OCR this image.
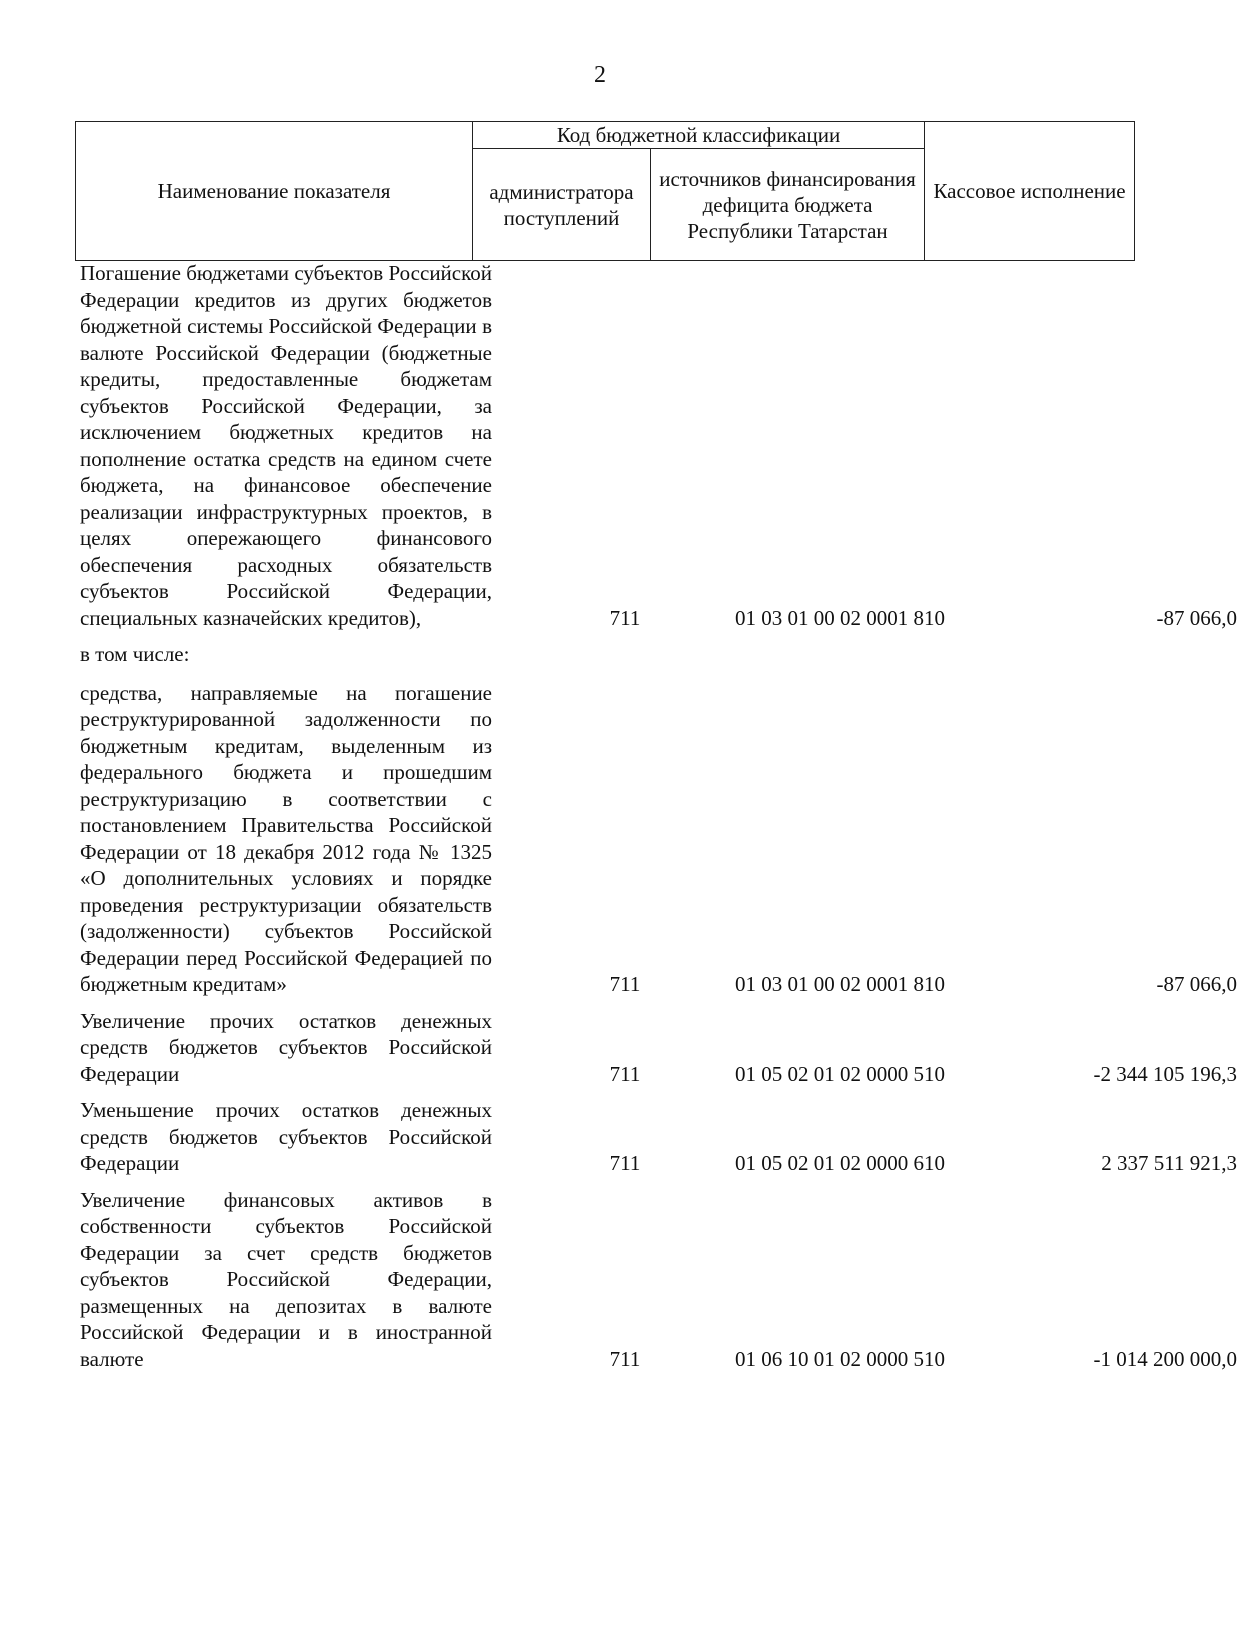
2
Наименование показателя	Код бюджетной классификации		Кассовое исполнение
	администратора поступлений	источников финансирования дефицита бюджета Республики Татарстан	
Погашение бюджетами субъектов Российской Федерации кредитов из других бюджетов бюджетной системы Российской Федерации в валюте Российской Федерации (бюджетные кредиты, предоставленные бюджетам субъектов Российской Федерации, за исключением бюджетных кредитов на пополнение остатка средств на едином счете бюджета, на финансовое обеспечение реализации инфраструктурных проектов, в целях опережающего финансового обеспечения расходных обязательств субъектов Российской Федерации, специальных казначейских кредитов),	711	01 03 01 00 02 0001 810	-87 066,0
в том числе:
средства, направляемые на погашение реструктурированной задолженности по бюджетным кредитам, выделенным из федерального бюджета и прошедшим реструктуризацию в соответствии с постановлением Правительства Российской Федерации от 18 декабря 2012 года № 1325 «О дополнительных условиях и порядке проведения реструктуризации обязательств (задолженности) субъектов Российской Федерации перед Российской Федерацией по бюджетным кредитам»	711	01 03 01 00 02 0001 810	-87 066,0
Увеличение прочих остатков денежных средств бюджетов субъектов Российской Федерации	711	01 05 02 01 02 0000 510	-2 344 105 196,3
Уменьшение прочих остатков денежных средств бюджетов субъектов Российской Федерации	711	01 05 02 01 02 0000 610	2 337 511 921,3
Увеличение финансовых активов в собственности субъектов Российской Федерации за счет средств бюджетов субъектов Российской Федерации, размещенных на депозитах в валюте Российской Федерации и в иностранной валюте	711	01 06 10 01 02 0000 510	-1 014 200 000,0
